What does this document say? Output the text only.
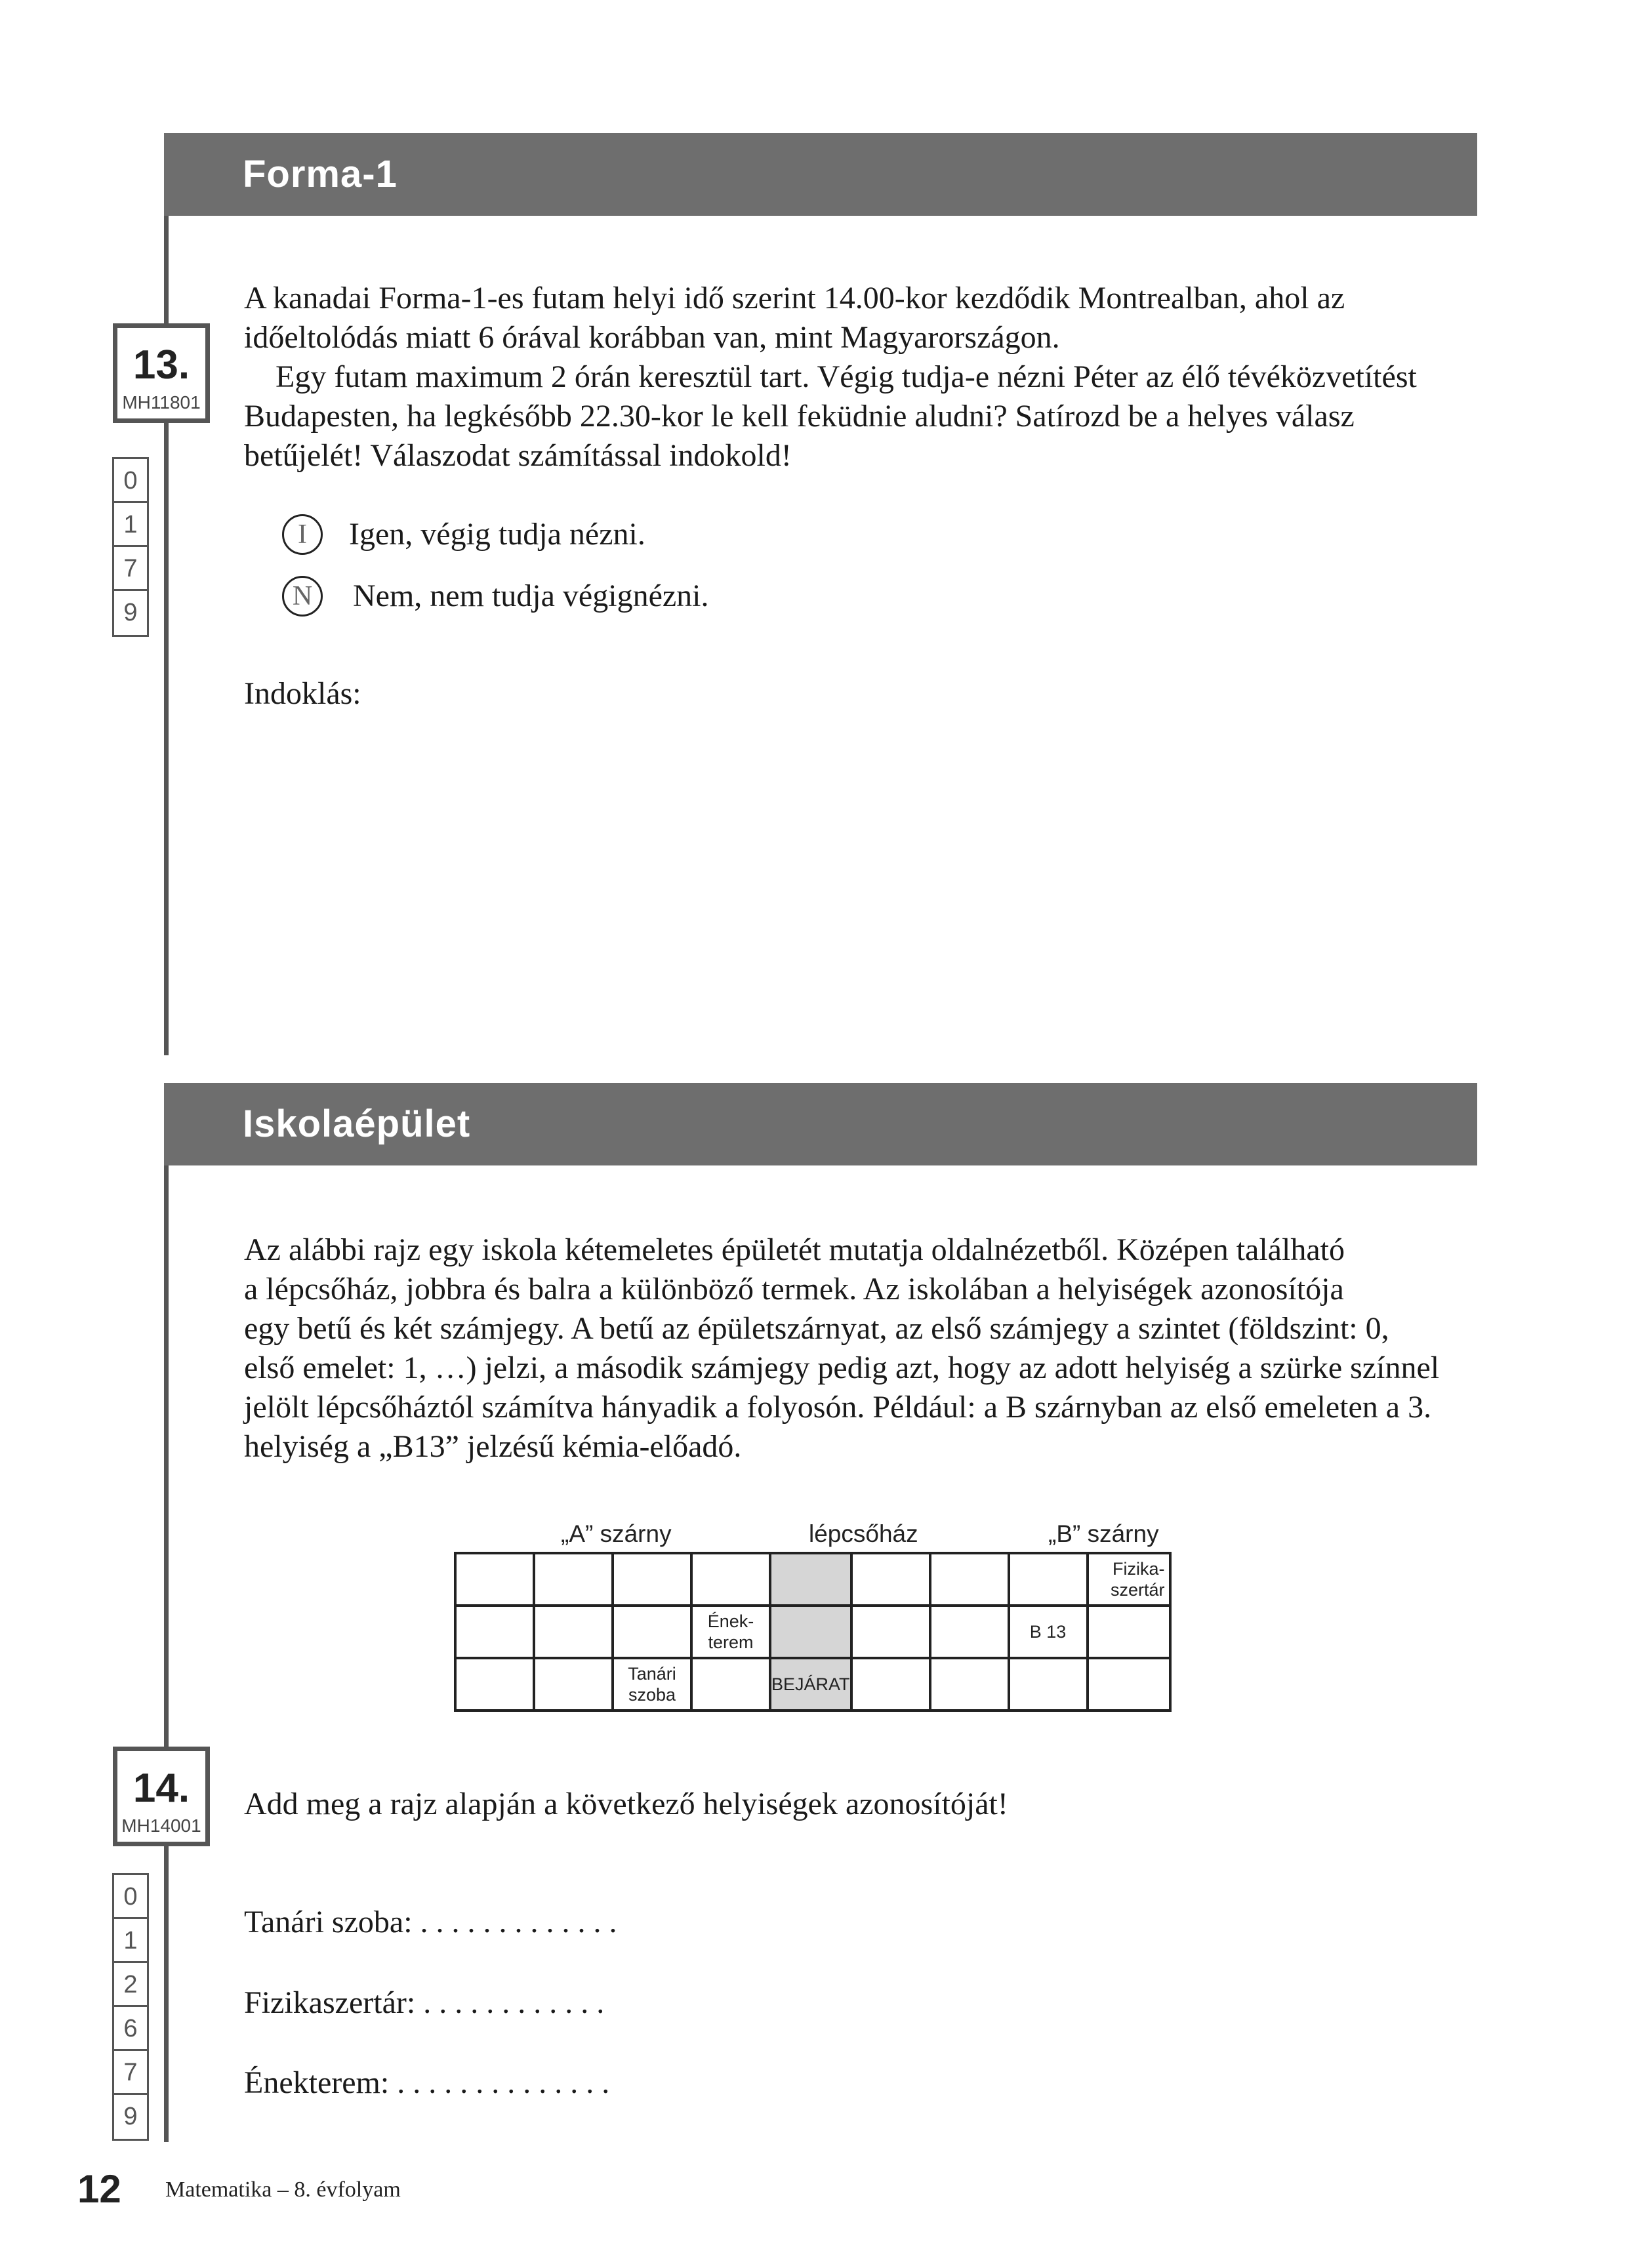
Forma-1
13.
MH11801
0
1
7
9

A kanadai Forma-1-es futam helyi idő szerint 14.00-kor kezdődik Montrealban, ahol az

időeltolódás miatt 6 órával korábban van, mint Magyarországon.

Egy futam maximum 2 órán keresztül tart. Végig tudja-e nézni Péter az élő tévéközvetítést

Budapesten, ha legkésőbb 22.30-kor le kell feküdnie aludni? Satírozd be a helyes válasz

betűjelét! Válaszodat számítással indokold!

I	Igen, végig tudja nézni.
N	Nem, nem tudja végignézni.
Indoklás:
Iskolaépület

Az alábbi rajz egy iskola kétemeletes épületét mutatja oldalnézetből. Középen található

a lépcsőház, jobbra és balra a különböző termek. Az iskolában a helyiségek azonosítója

egy betű és két számjegy. A betű az épületszárnyat, az első számjegy a szintet (földszint: 0,

első emelet: 1, …) jelzi, a második számjegy pedig azt, hogy az adott helyiség a szürke színnel

jelölt lépcsőháztól számítva hányadik a folyosón. Például: a B szárnyban az első emeleten a 3.

helyiség a „B13” jelzésű kémia-előadó.

„A” szárny	lépcsőház	„B” szárny
								Fizika-
szertár
			Ének-
terem				B 13	
		Tanári
szoba		BEJÁRAT				
14.
MH14001
0
1
2
6
7
9
Add meg a rajz alapján a következő helyiségek azonosítóját!
Tanári szoba: . . . . . . . . . . . . .
Fizikaszertár: . . . . . . . . . . . .
Énekterem: . . . . . . . . . . . . . .
12 Matematika – 8. évfolyam
